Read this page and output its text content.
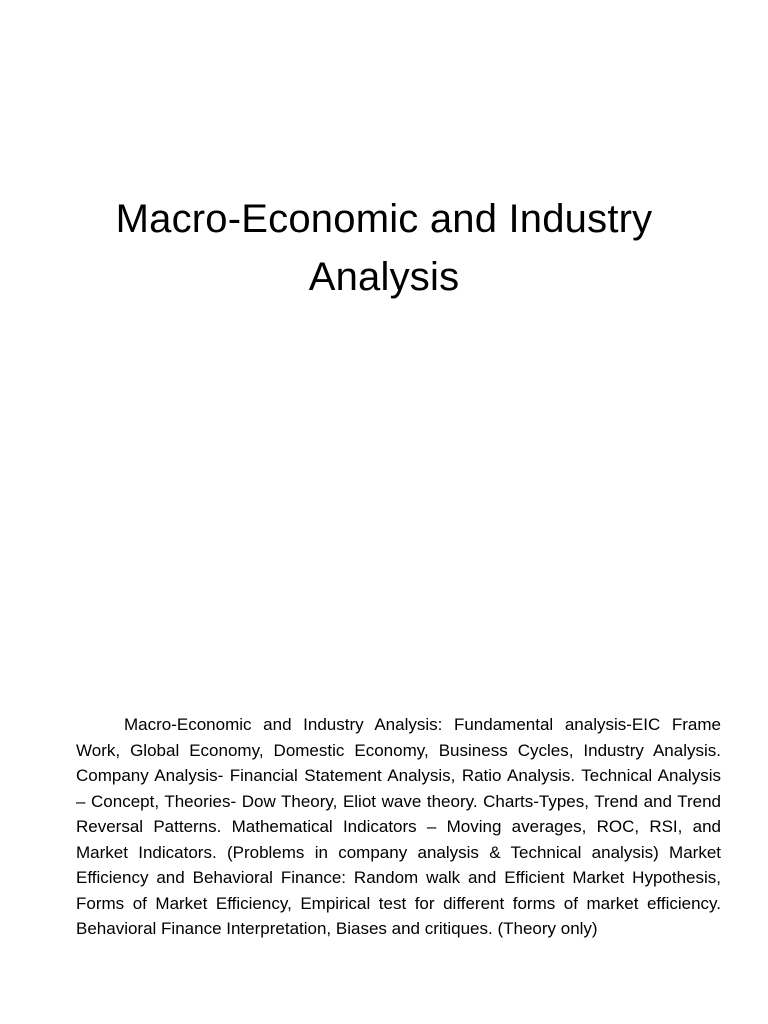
Macro-Economic and Industry
Analysis

Macro-Economic and Industry Analysis: Fundamental analysis-EIC Frame Work, Global Economy, Domestic Economy, Business Cycles, Industry Analysis. Company Analysis- Financial Statement Analysis, Ratio Analysis. Technical Analysis – Concept, Theories- Dow Theory, Eliot wave theory. Charts-Types, Trend and Trend Reversal Patterns. Mathematical Indicators – Moving averages, ROC, RSI, and Market Indicators. (Problems in company analysis & Technical analysis) Market Efficiency and Behavioral Finance: Random walk and Efficient Market Hypothesis, Forms of Market Efficiency, Empirical test for different forms of market efficiency. Behavioral Finance Interpretation, Biases and critiques. (Theory only)
